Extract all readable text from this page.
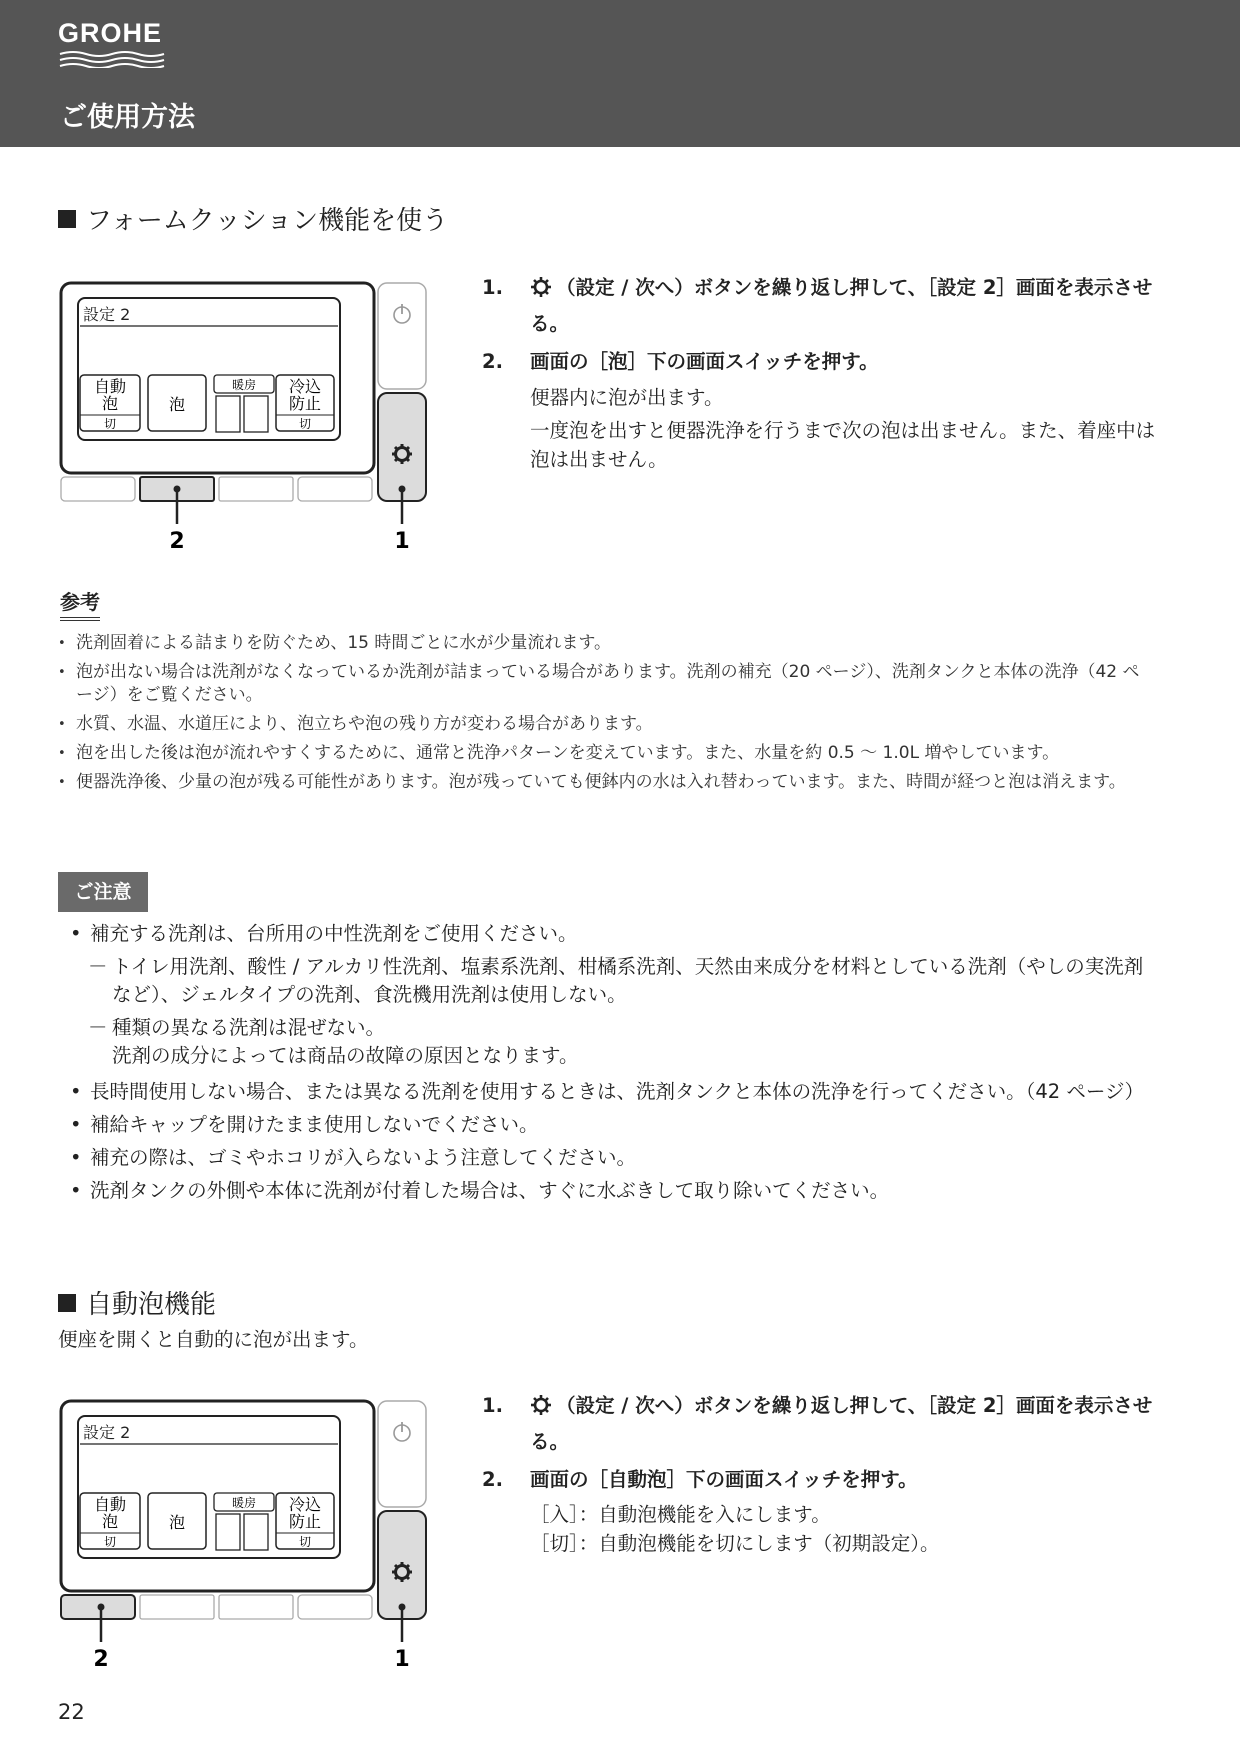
GROHE
ご使用方法
フォームクッション機能を使う
設定 2
自動
泡
切
泡
暖房 冷込
防止
切
2	1
1.	（設定 / 次へ）ボタンを繰り返し押して、［設定 2］画面を表示させる。
2. 画面の［泡］下の画面スイッチを押す。
便器内に泡が出ます。
一度泡を出すと便器洗浄を行うまで次の泡は出ません。また、着座中は泡は出ません。
参考
• 洗剤固着による詰まりを防ぐため、15 時間ごとに水が少量流れます。
• 泡が出ない場合は洗剤がなくなっているか洗剤が詰まっている場合があります。洗剤の補充（20 ページ）、洗剤タンクと本体の洗浄（42 ページ）をご覧ください。
• 水質、水温、水道圧により、泡立ちや泡の残り方が変わる場合があります。
• 泡を出した後は泡が流れやすくするために、通常と洗浄パターンを変えています。また、水量を約 0.5 ～ 1.0L 増やしています。
• 便器洗浄後、少量の泡が残る可能性があります。泡が残っていても便鉢内の水は入れ替わっています。また、時間が経つと泡は消えます。
ご注意
• 補充する洗剤は、台所用の中性洗剤をご使用ください。
－ トイレ用洗剤、酸性 / アルカリ性洗剤、塩素系洗剤、柑橘系洗剤、天然由来成分を材料としている洗剤（やしの実洗剤など）、ジェルタイプの洗剤、食洗機用洗剤は使用しない。
－ 種類の異なる洗剤は混ぜない。
洗剤の成分によっては商品の故障の原因となります。
• 長時間使用しない場合、または異なる洗剤を使用するときは、洗剤タンクと本体の洗浄を行ってください。（42 ページ）
• 補給キャップを開けたまま使用しないでください。
• 補充の際は、ゴミやホコリが入らないよう注意してください。
• 洗剤タンクの外側や本体に洗剤が付着した場合は、すぐに水ぶきして取り除いてください。
自動泡機能
便座を開くと自動的に泡が出ます。
設定 2
自動
泡
切
泡
暖房 冷込
防止
切
2	1
1.	（設定 / 次へ）ボタンを繰り返し押して、［設定 2］画面を表示させる。
2. 画面の［自動泡］下の画面スイッチを押す。
［入］：自動泡機能を入にします。
［切］：自動泡機能を切にします（初期設定）。
22
